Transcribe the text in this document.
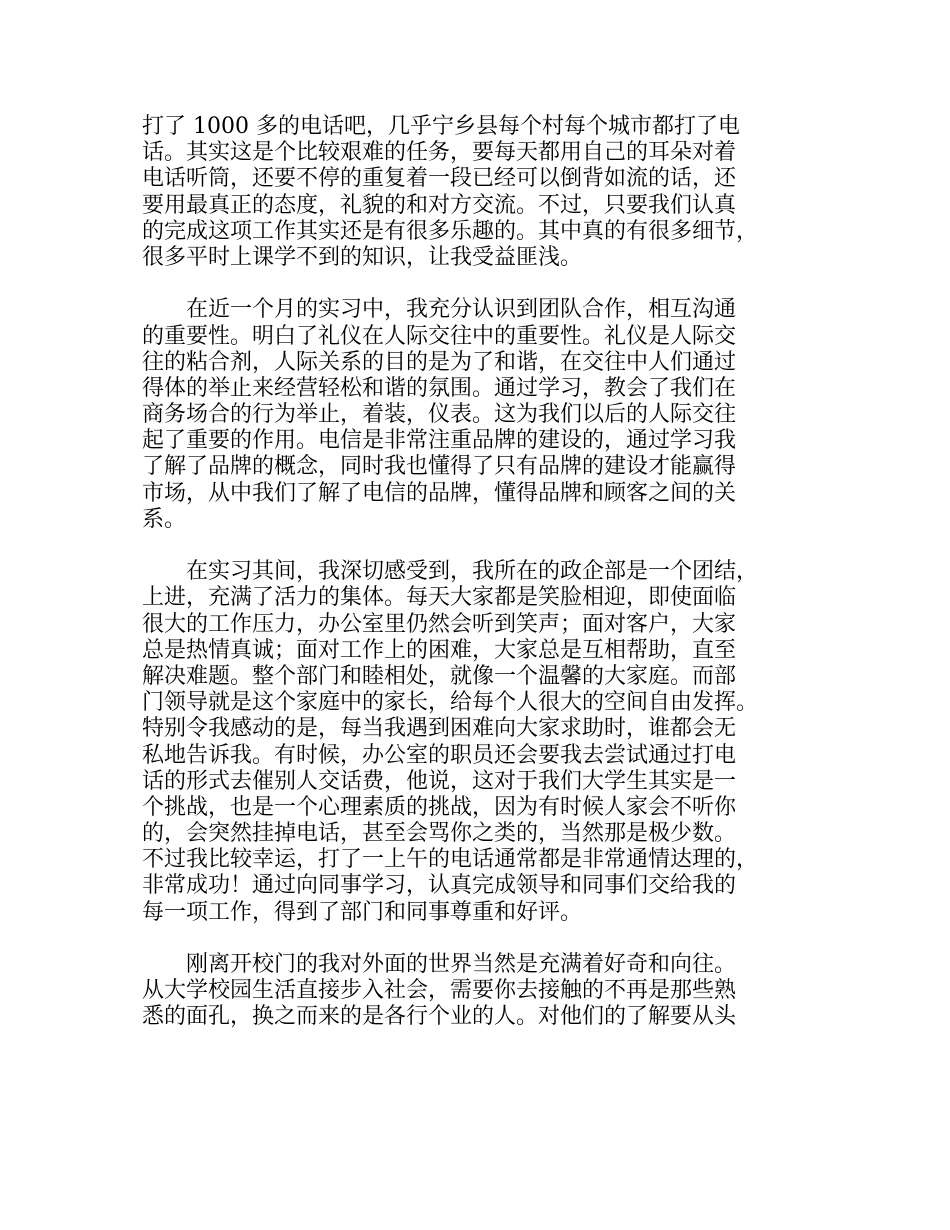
打了 1000 多的电话吧，几乎宁乡县每个村每个城市都打了电
话。其实这是个比较艰难的任务，要每天都用自己的耳朵对着
电话听筒，还要不停的重复着一段已经可以倒背如流的话，还
要用最真正的态度，礼貌的和对方交流。不过，只要我们认真
的完成这项工作其实还是有很多乐趣的。其中真的有很多细节，
很多平时上课学不到的知识，让我受益匪浅。
　　在近一个月的实习中，我充分认识到团队合作，相互沟通
的重要性。明白了礼仪在人际交往中的重要性。礼仪是人际交
往的粘合剂，人际关系的目的是为了和谐，在交往中人们通过
得体的举止来经营轻松和谐的氛围。通过学习，教会了我们在
商务场合的行为举止，着装，仪表。这为我们以后的人际交往
起了重要的作用。电信是非常注重品牌的建设的，通过学习我
了解了品牌的概念，同时我也懂得了只有品牌的建设才能赢得
市场，从中我们了解了电信的品牌，懂得品牌和顾客之间的关
系。
　　在实习其间，我深切感受到，我所在的政企部是一个团结，
上进，充满了活力的集体。每天大家都是笑脸相迎，即使面临
很大的工作压力，办公室里仍然会听到笑声；面对客户，大家
总是热情真诚；面对工作上的困难，大家总是互相帮助，直至
解决难题。整个部门和睦相处，就像一个温馨的大家庭。而部
门领导就是这个家庭中的家长，给每个人很大的空间自由发挥。
特别令我感动的是，每当我遇到困难向大家求助时，谁都会无
私地告诉我。有时候，办公室的职员还会要我去尝试通过打电
话的形式去催别人交话费，他说，这对于我们大学生其实是一
个挑战，也是一个心理素质的挑战，因为有时候人家会不听你
的，会突然挂掉电话，甚至会骂你之类的，当然那是极少数。
不过我比较幸运，打了一上午的电话通常都是非常通情达理的，
非常成功！通过向同事学习，认真完成领导和同事们交给我的
每一项工作，得到了部门和同事尊重和好评。
　　刚离开校门的我对外面的世界当然是充满着好奇和向往。
从大学校园生活直接步入社会，需要你去接触的不再是那些熟
悉的面孔，换之而来的是各行个业的人。对他们的了解要从头
